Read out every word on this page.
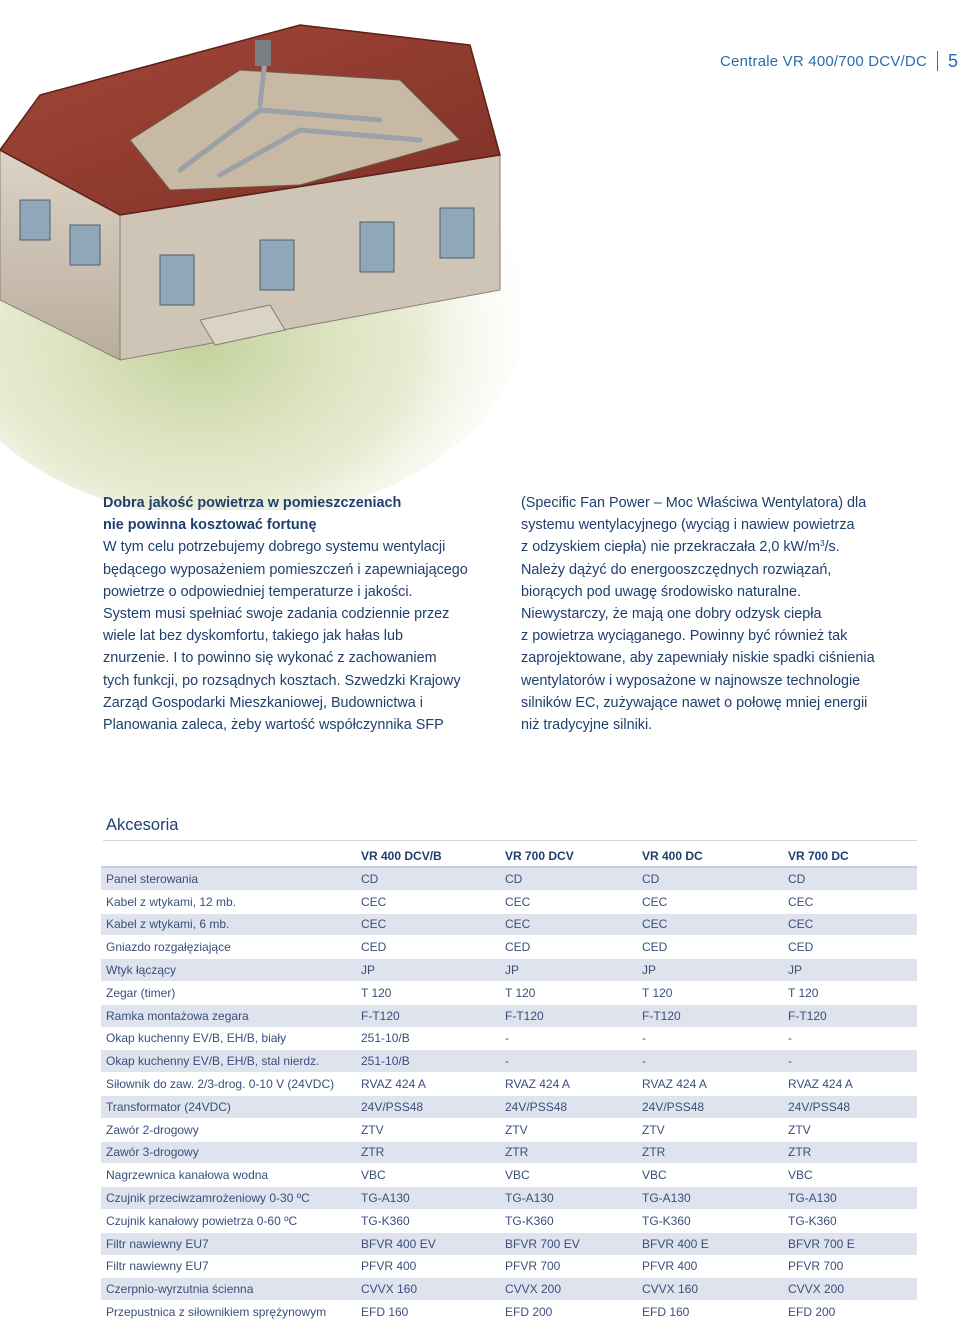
Centrale VR 400/700 DCV/DC 5

Dobra jakość powietrza w pomieszczeniach

nie powinna kosztować fortunę

W tym celu potrzebujemy dobrego systemu wentylacji

będącego wyposażeniem pomieszczeń i zapewniającego

powietrze o odpowiedniej temperaturze i jakości.

System musi spełniać swoje zadania codziennie przez

wiele lat bez dyskomfortu, takiego jak hałas lub

znurzenie. I to powinno się wykonać z zachowaniem

tych funkcji, po rozsądnych kosztach. Szwedzki Krajowy

Zarząd Gospodarki Mieszkaniowej, Budownictwa i

Planowania zaleca, żeby wartość współczynnika SFP

(Specific Fan Power – Moc Właściwa Wentylatora) dla

systemu wentylacyjnego (wyciąg i nawiew powietrza

z odzyskiem ciepła) nie przekraczała 2,0 $kW/m^3/s$.

Należy dążyć do energooszczędnych rozwiązań,

biorących pod uwagę środowisko naturalne.

Niewystarczy, że mają one dobry odzysk ciepła

z powietrza wyciąganego. Powinny być również tak

zaprojektowane, aby zapewniały niskie spadki ciśnienia

wentylatorów i wyposażone w najnowsze technologie

silników EC, zużywające nawet o połowę mniej energii

niż tradycyjne silniki.

Akcesoria
	VR 400 DCV/B	VR 700 DCV	VR 400 DC	VR 700 DC
Panel sterowania	CD	CD	CD	CD
Kabel z wtykami, 12 mb.	CEC	CEC	CEC	CEC
Kabel z wtykami, 6 mb.	CEC	CEC	CEC	CEC
Gniazdo rozgałęziające	CED	CED	CED	CED
Wtyk łączący	JP	JP	JP	JP
Zegar (timer)	T 120	T 120	T 120	T 120
Ramka montażowa zegara	F-T120	F-T120	F-T120	F-T120
Okap kuchenny EV/B, EH/B, biały	251-10/B	-	-	-
Okap kuchenny EV/B, EH/B, stal nierdz.	251-10/B	-	-	-
Siłownik do zaw. 2/3-drog. 0-10 V (24VDC)	RVAZ 424 A	RVAZ 424 A	RVAZ 424 A	RVAZ 424 A
Transformator (24VDC)	24V/PSS48	24V/PSS48	24V/PSS48	24V/PSS48
Zawór 2-drogowy	ZTV	ZTV	ZTV	ZTV
Zawór 3-drogowy	ZTR	ZTR	ZTR	ZTR
Nagrzewnica kanałowa wodna	VBC	VBC	VBC	VBC
Czujnik przeciwzamrożeniowy 0-30 ºC	TG-A130	TG-A130	TG-A130	TG-A130
Czujnik kanałowy powietrza 0-60 ºC	TG-K360	TG-K360	TG-K360	TG-K360
Filtr nawiewny EU7	BFVR 400 EV	BFVR 700 EV	BFVR 400 E	BFVR 700 E
Filtr nawiewny EU7	PFVR 400	PFVR 700	PFVR 400	PFVR 700
Czerpnio-wyrzutnia ścienna	CVVX 160	CVVX 200	CVVX 160	CVVX 200
Przepustnica z siłownikiem sprężynowym	EFD 160	EFD 200	EFD 160	EFD 200
